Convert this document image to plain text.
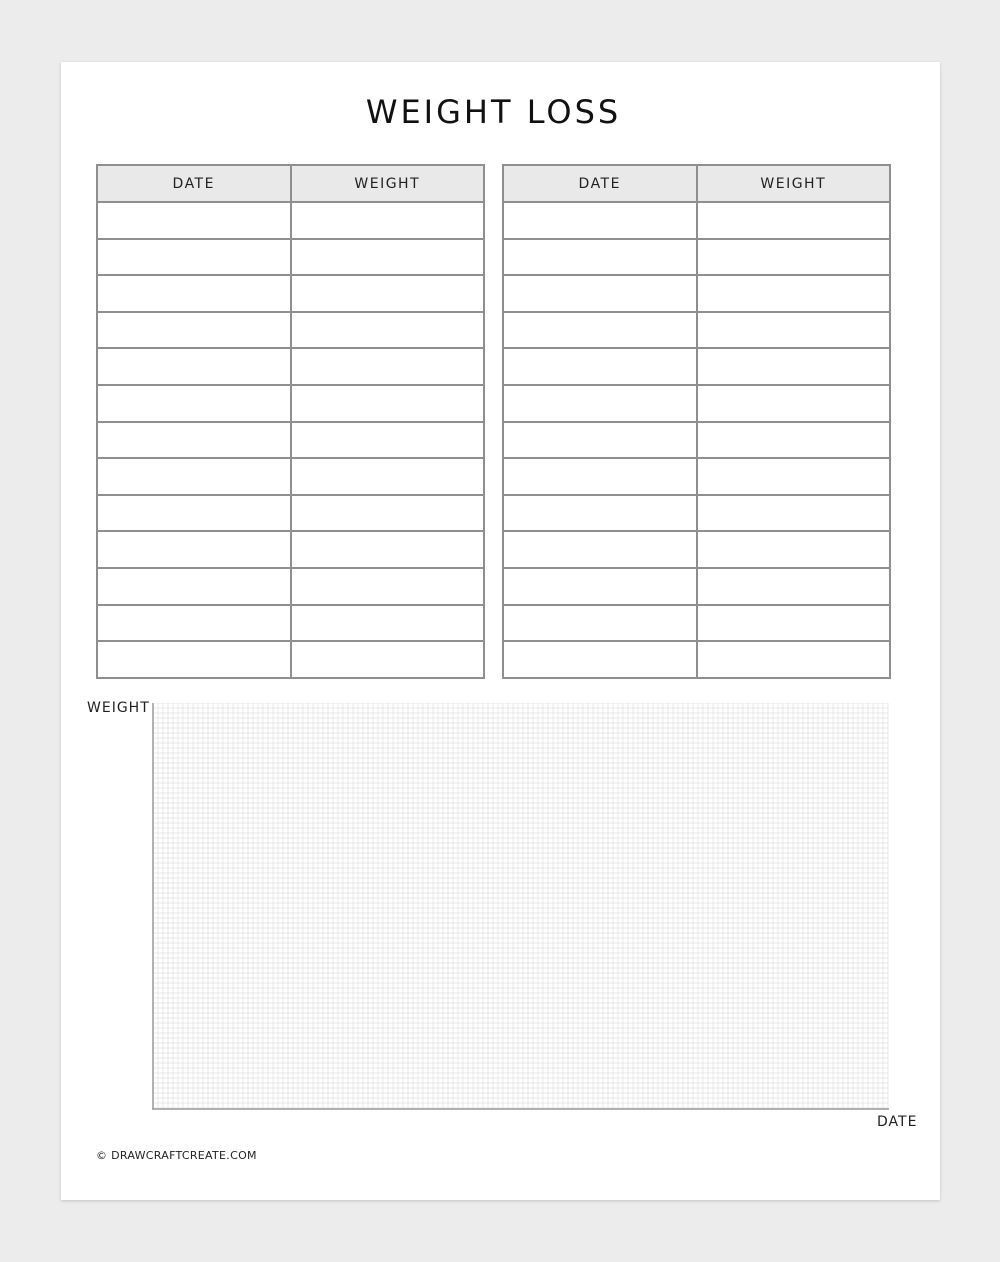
WEIGHT LOSS
DATE	WEIGHT

		DATE	WEIGHT

WEIGHT
DATE
© DRAWCRAFTCREATE.COM
